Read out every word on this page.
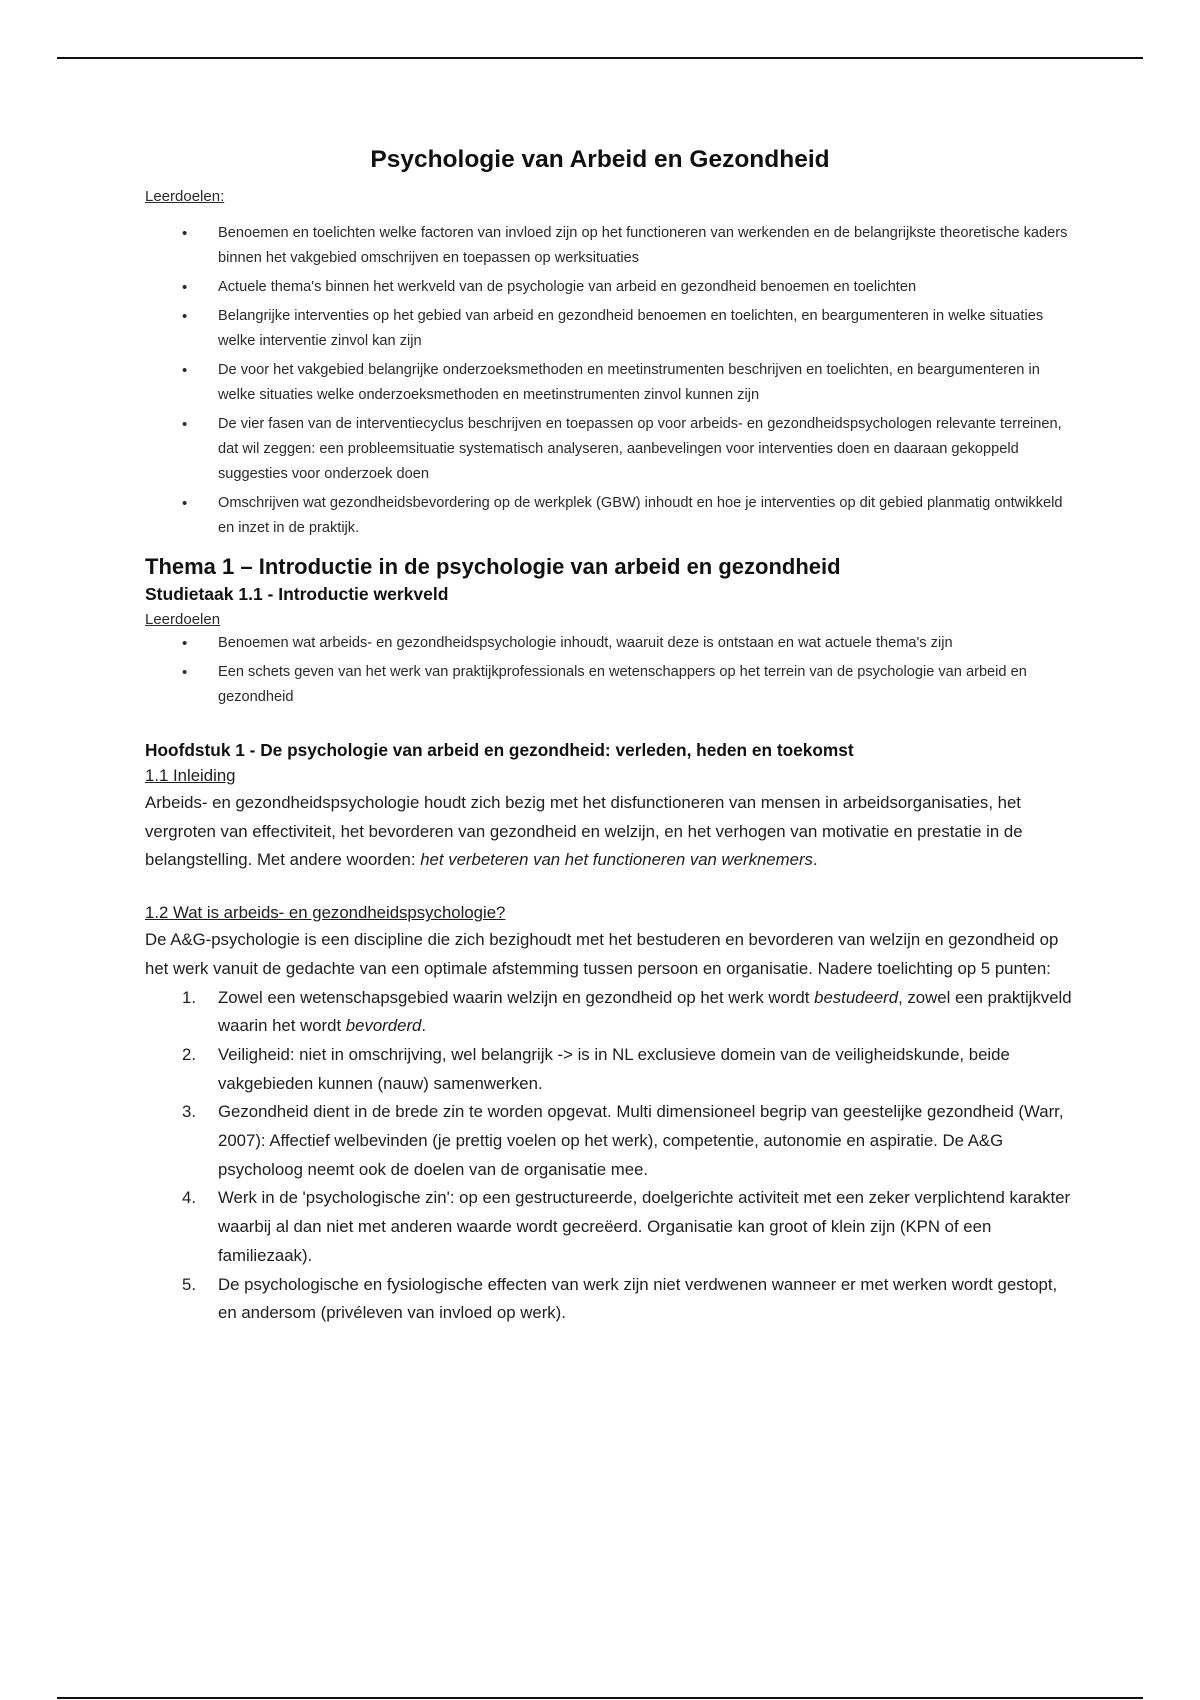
Psychologie van Arbeid en Gezondheid
Leerdoelen:
• Benoemen en toelichten welke factoren van invloed zijn op het functioneren van werkenden en de belangrijkste theoretische kaders binnen het vakgebied omschrijven en toepassen op werksituaties
• Actuele thema's binnen het werkveld van de psychologie van arbeid en gezondheid benoemen en toelichten
• Belangrijke interventies op het gebied van arbeid en gezondheid benoemen en toelichten, en beargumenteren in welke situaties welke interventie zinvol kan zijn
• De voor het vakgebied belangrijke onderzoeksmethoden en meetinstrumenten beschrijven en toelichten, en beargumenteren in welke situaties welke onderzoeksmethoden en meetinstrumenten zinvol kunnen zijn
• De vier fasen van de interventiecyclus beschrijven en toepassen op voor arbeids- en gezondheidspsychologen relevante terreinen, dat wil zeggen: een probleemsituatie systematisch analyseren, aanbevelingen voor interventies doen en daaraan gekoppeld suggesties voor onderzoek doen
• Omschrijven wat gezondheidsbevordering op de werkplek (GBW) inhoudt en hoe je interventies op dit gebied planmatig ontwikkeld en inzet in de praktijk.
Thema 1 – Introductie in de psychologie van arbeid en gezondheid
Studietaak 1.1 - Introductie werkveld
Leerdoelen
• Benoemen wat arbeids- en gezondheidspsychologie inhoudt, waaruit deze is ontstaan en wat actuele thema's zijn
• Een schets geven van het werk van praktijkprofessionals en wetenschappers op het terrein van de psychologie van arbeid en gezondheid
Hoofdstuk 1 - De psychologie van arbeid en gezondheid: verleden, heden en toekomst
1.1 Inleiding

Arbeids- en gezondheidspsychologie houdt zich bezig met het disfunctioneren van mensen in arbeidsorganisaties, het vergroten van effectiviteit, het bevorderen van gezondheid en welzijn, en het verhogen van motivatie en prestatie in de belangstelling. Met andere woorden: het verbeteren van het functioneren van werknemers.

1.2 Wat is arbeids- en gezondheidspsychologie?

De A&G-psychologie is een discipline die zich bezighoudt met het bestuderen en bevorderen van welzijn en gezondheid op het werk vanuit de gedachte van een optimale afstemming tussen persoon en organisatie. Nadere toelichting op 5 punten:

1. Zowel een wetenschapsgebied waarin welzijn en gezondheid op het werk wordt bestudeerd, zowel een praktijkveld waarin het wordt bevorderd.
2. Veiligheid: niet in omschrijving, wel belangrijk -> is in NL exclusieve domein van de veiligheidskunde, beide vakgebieden kunnen (nauw) samenwerken.
3. Gezondheid dient in de brede zin te worden opgevat. Multi dimensioneel begrip van geestelijke gezondheid (Warr, 2007): Affectief welbevinden (je prettig voelen op het werk), competentie, autonomie en aspiratie. De A&G psycholoog neemt ook de doelen van de organisatie mee.
4. Werk in de 'psychologische zin': op een gestructureerde, doelgerichte activiteit met een zeker verplichtend karakter waarbij al dan niet met anderen waarde wordt gecreëerd. Organisatie kan groot of klein zijn (KPN of een familiezaak).
5. De psychologische en fysiologische effecten van werk zijn niet verdwenen wanneer er met werken wordt gestopt, en andersom (privéleven van invloed op werk).
